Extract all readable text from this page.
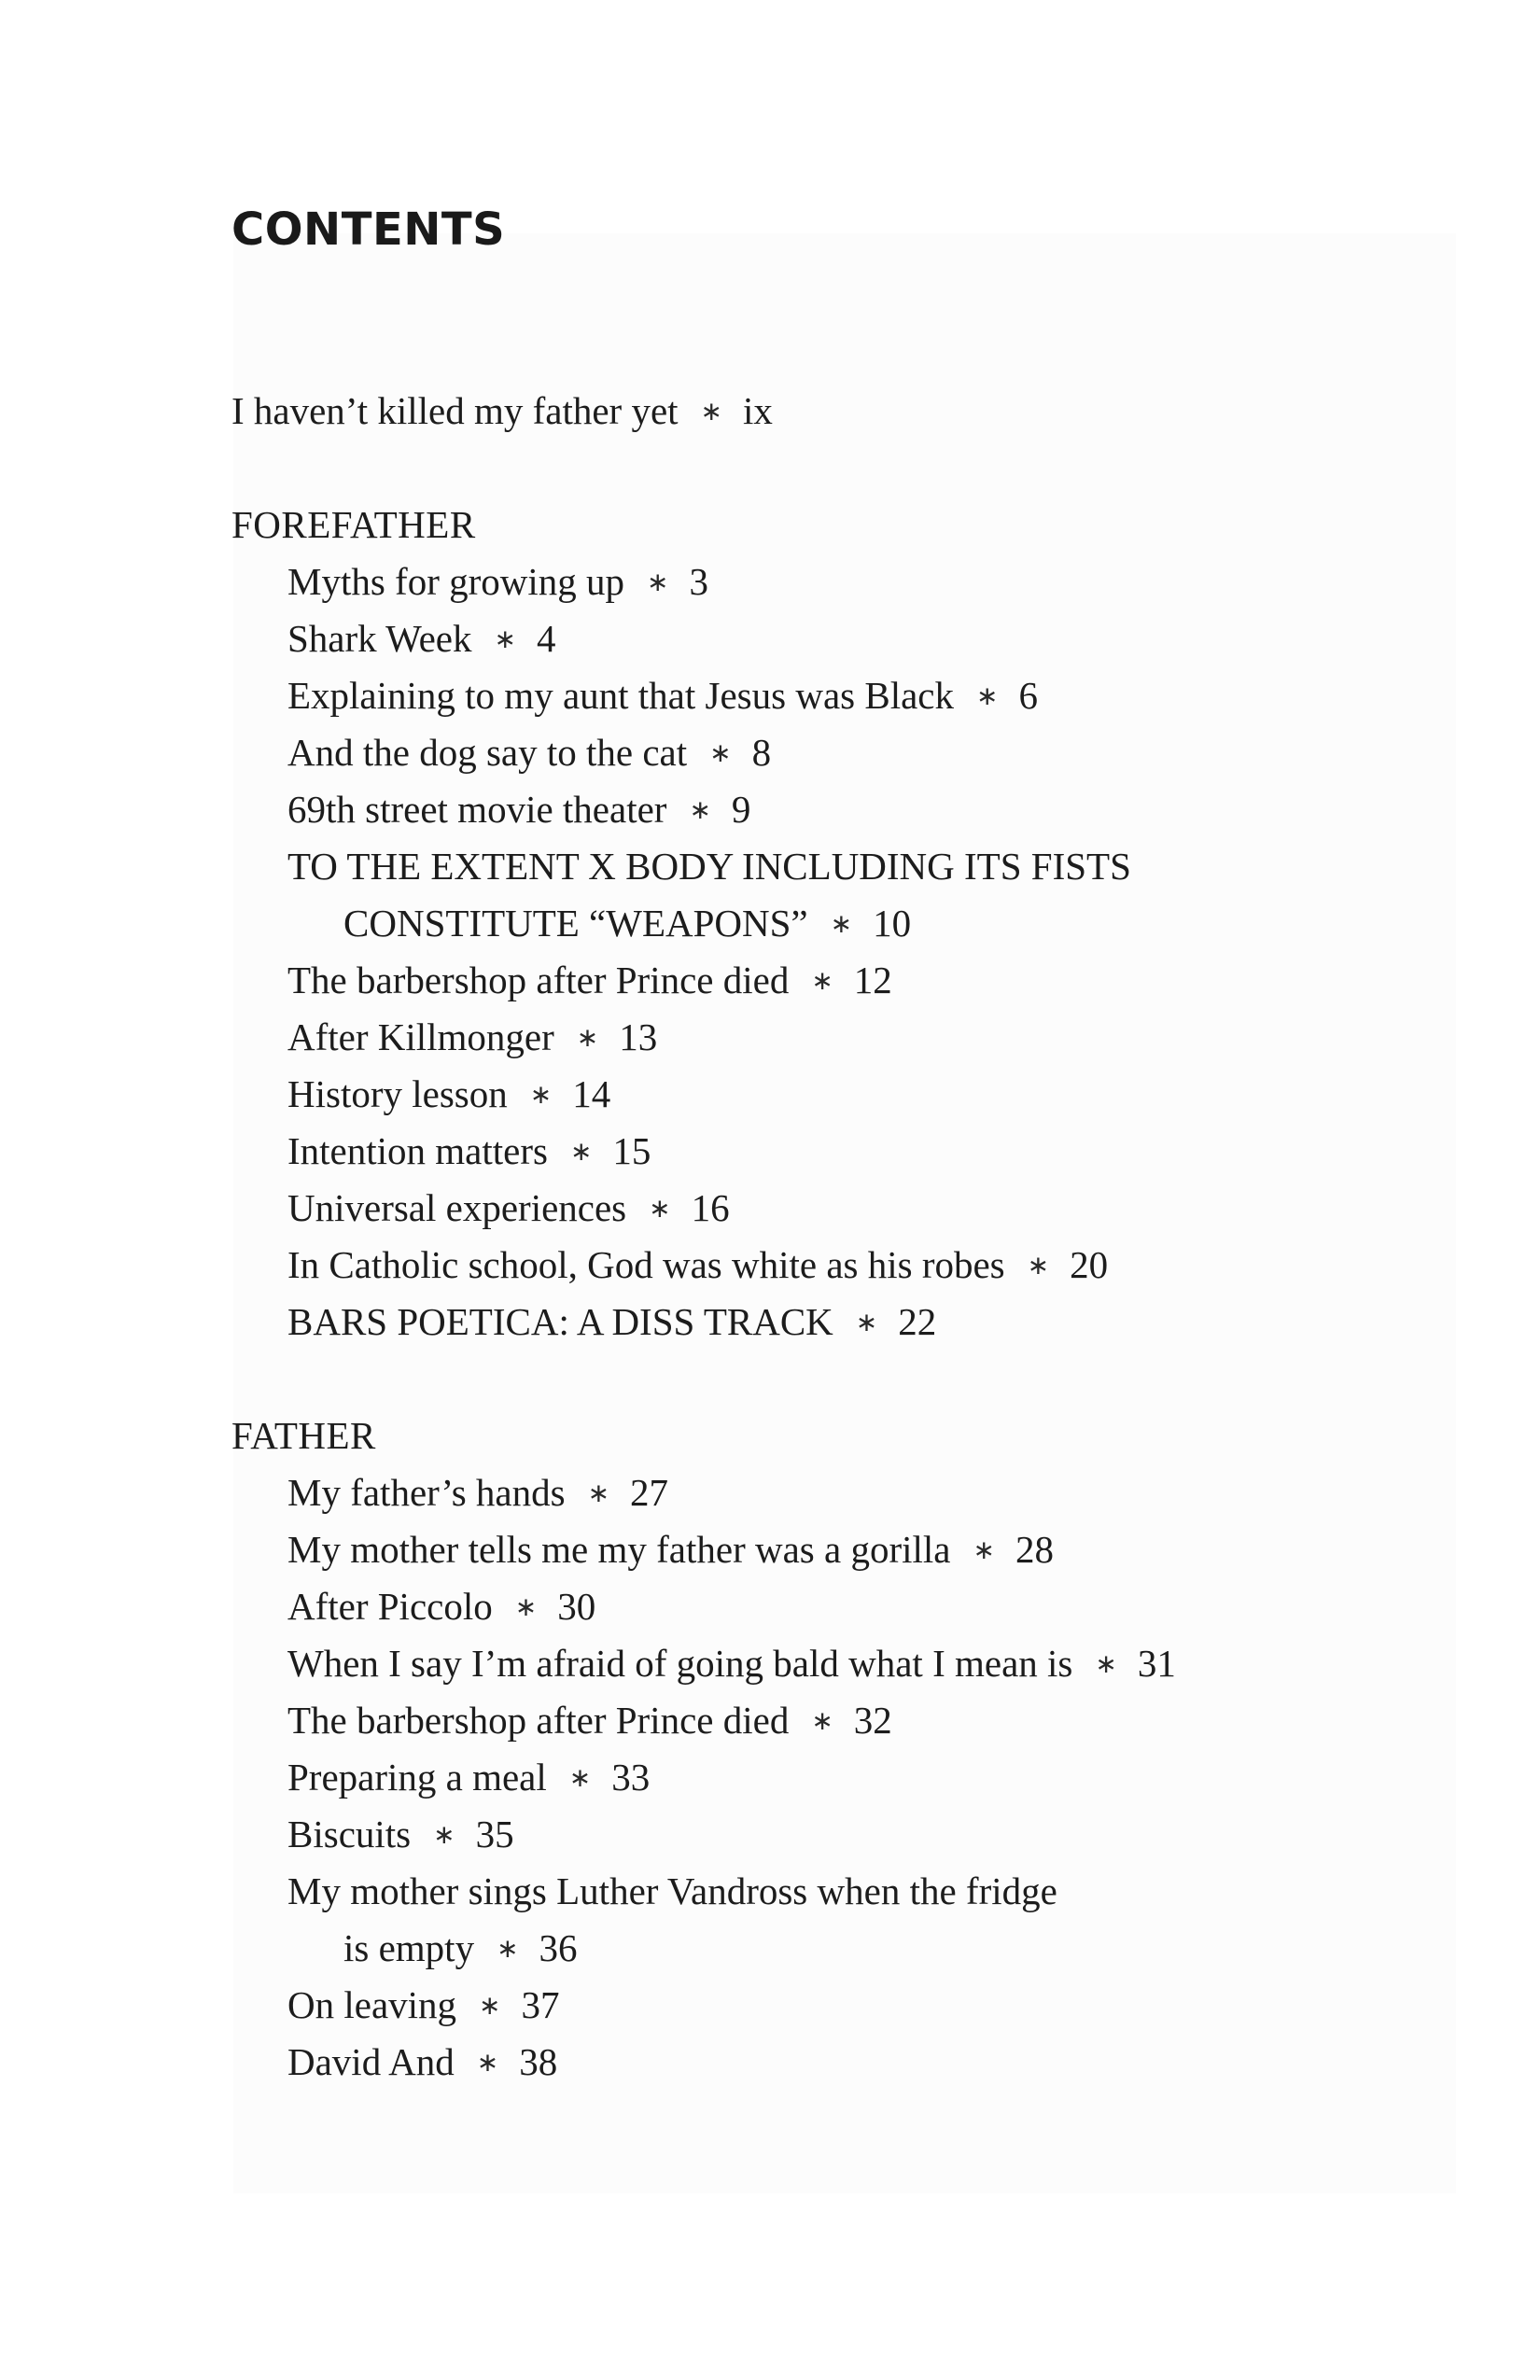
CONTENTS
I haven’t killed my father yet ∗ ix
FOREFATHER
Myths for growing up ∗ 3
Shark Week ∗ 4
Explaining to my aunt that Jesus was Black ∗ 6
And the dog say to the cat ∗ 8
69th street movie theater ∗ 9
TO THE EXTENT X BODY INCLUDING ITS FISTS
CONSTITUTE “WEAPONS” ∗ 10
The barbershop after Prince died ∗ 12
After Killmonger ∗ 13
History lesson ∗ 14
Intention matters ∗ 15
Universal experiences ∗ 16
In Catholic school, God was white as his robes ∗ 20
BARS POETICA: A DISS TRACK ∗ 22
FATHER
My father’s hands ∗ 27
My mother tells me my father was a gorilla ∗ 28
After Piccolo ∗ 30
When I say I’m afraid of going bald what I mean is ∗ 31
The barbershop after Prince died ∗ 32
Preparing a meal ∗ 33
Biscuits ∗ 35
My mother sings Luther Vandross when the fridge
is empty ∗ 36
On leaving ∗ 37
David And ∗ 38
